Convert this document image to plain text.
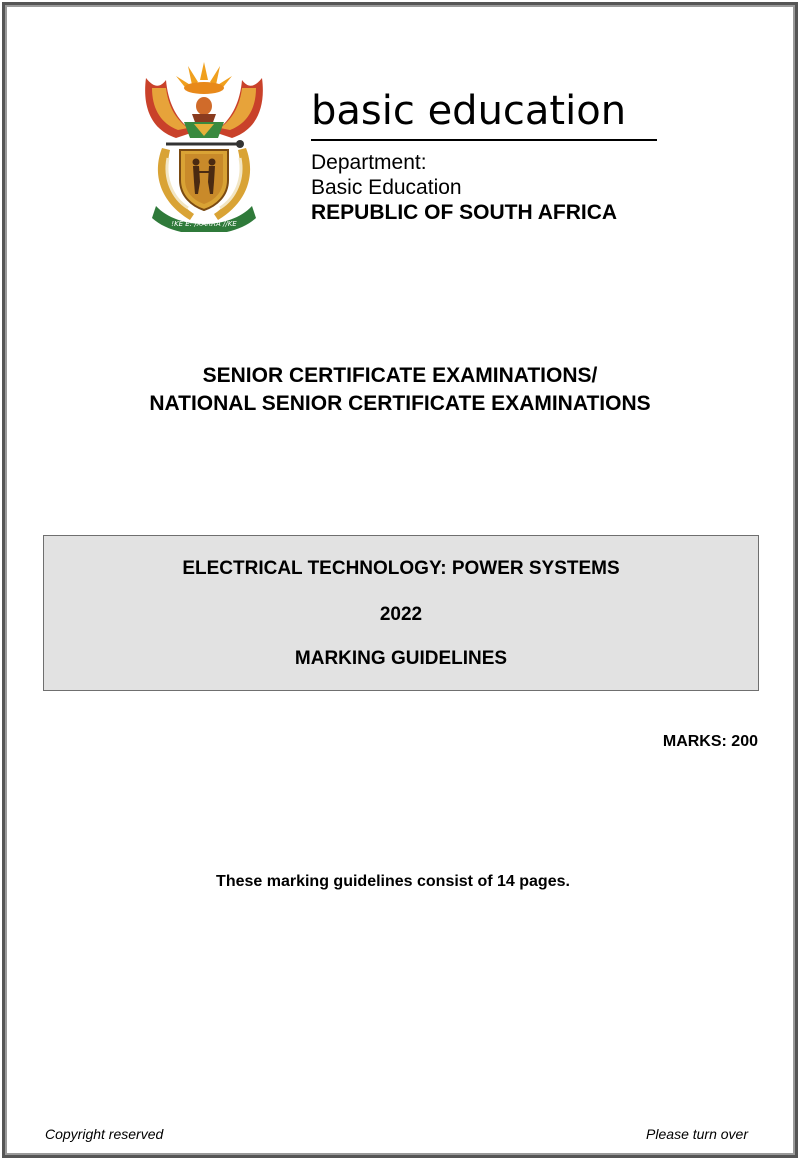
!KE E: /XARRA //KE
basic education
Department:
Basic Education
REPUBLIC OF SOUTH AFRICA
SENIOR CERTIFICATE EXAMINATIONS/
NATIONAL SENIOR CERTIFICATE EXAMINATIONS
ELECTRICAL TECHNOLOGY: POWER SYSTEMS
2022
MARKING GUIDELINES
MARKS: 200
These marking guidelines consist of 14 pages.
Copyright reserved	Please turn over
